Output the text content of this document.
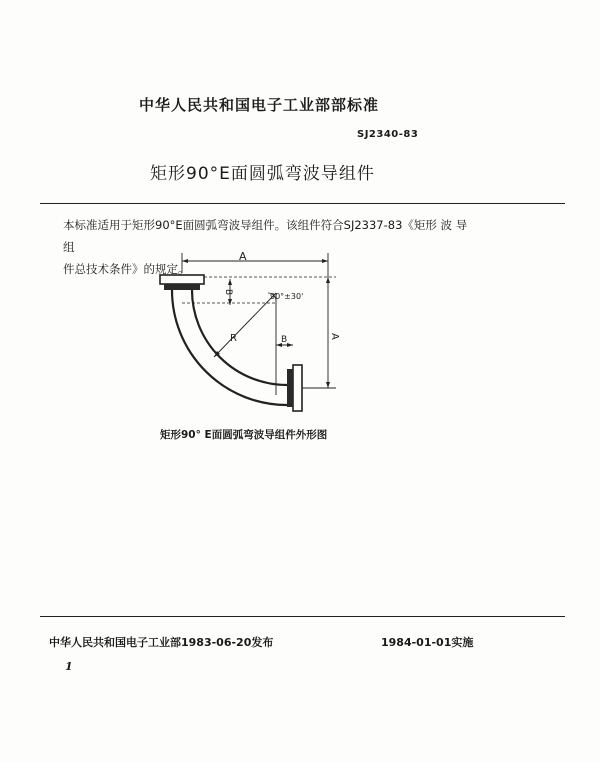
中华人民共和国电子工业部部标准
SJ2340-83
矩形90°E面圆弧弯波导组件
本标准适用于矩形90°E面圆弧弯波导组件。该组件符合SJ2337-83《矩形 波 导 组
件总技术条件》的规定。
A
A
B
R	B
90°±30'
矩形90° E面圆弧弯波导组件外形图
中华人民共和国电子工业部1983-06-20发布	1984-01-01实施
1
